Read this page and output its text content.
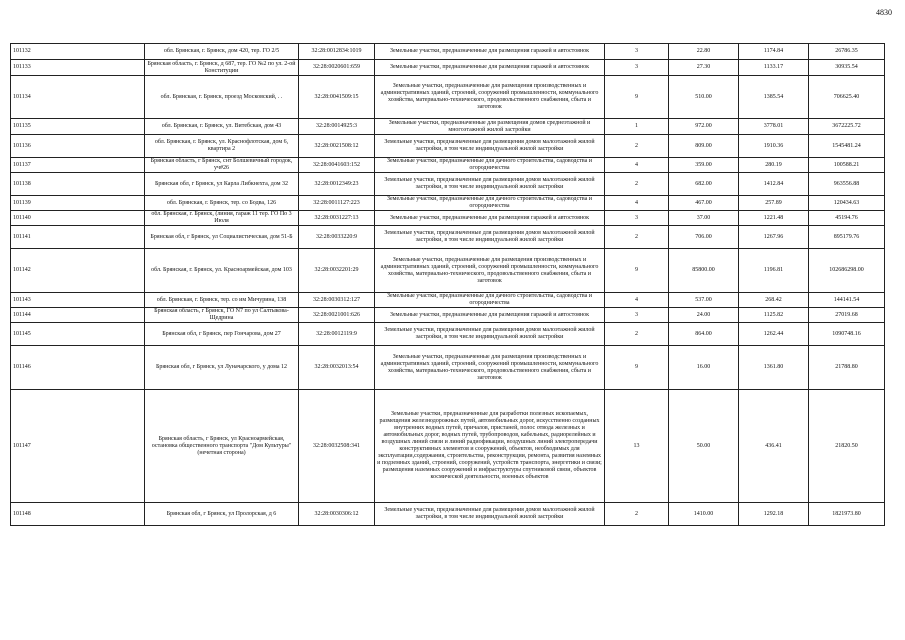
4830
101132	обл. Брянская, г. Брянск, дом 420, тер. ГО 2/5	32:28:0012834:1019	Земельные участки, предназначенные для размещения гаражей и автостоянок	3	22.80	1174.84	26786.35
101133	Брянская область, г. Брянск, д 687, тер. ГО №2 по ул. 2-ой Конституции	32:28:0020601:659	Земельные участки, предназначенные для размещения гаражей и автостоянок	3	27.30	1133.17	30935.54
101134	обл. Брянская, г. Брянск, проезд Московский, . .	32:28:0041509:15	Земельные участки, предназначенные для размещения производственных и административных зданий, строений, сооружений промышленности, коммунального хозяйства, материально-технического, продовольственного снабжения, сбыта и заготовок	9	510.00	1385.54	706625.40
101135	обл. Брянская, г. Брянск, ул. Витебская, дом 43	32:28:0014925:3	Земельные участки, предназначенные для размещения домов среднеэтажной и многоэтажной жилой застройки	1	972.00	3778.01	3672225.72
101136	обл. Брянская, г. Брянск, ул. Краснофлотская, дом 6, квартира 2	32:28:0021508:12	Земельные участки, предназначенные для размещения домов малоэтажной жилой застройки, в том числе индивидуальной жилой застройки	2	809.00	1910.36	1545481.24
101137	Брянская область, г Брянск, снт Болшевичный городок, уч#26	32:28:0041603:152	Земельные участки, предназначенные для дачного строительства, садоводства и огородничества	4	359.00	280.19	100588.21
101138	Брянская обл, г Брянск, ул Карла Либкнехта, дом 32	32:28:0012349:23	Земельные участки, предназначенные для размещения домов малоэтажной жилой застройки, в том числе индивидуальной жилой застройки	2	682.00	1412.84	963556.88
101139	обл. Брянская, г. Брянск, тер. со Бодва, 126	32:28:0011127:223	Земельные участки, предназначенные для дачного строительства, садоводства и огородничества	4	467.00	257.89	120434.63
101140	обл. Брянская, г. Брянск, (линия, гараж 11 тер. ГО По 3 Июля	32:28:0031227:13	Земельные участки, предназначенные для размещения гаражей и автостоянок	3	37.00	1221.48	45194.76
101141	Брянская обл, г Брянск, ул Социалистическая, дом 51-Б	32:28:0033220:9	Земельные участки, предназначенные для размещения домов малоэтажной жилой застройки, в том числе индивидуальной жилой застройки	2	706.00	1267.96	895179.76
101142	обл. Брянская, г. Брянск, ул. Красноармейская, дом 103	32:28:0032201:29	Земельные участки, предназначенные для размещения производственных и административных зданий, строений, сооружений промышленности, коммунального хозяйства, материально-технического, продовольственного снабжения, сбыта и заготовок	9	85800.00	1196.81	102686298.00
101143	обл. Брянская, г. Брянск, тер. со им Мичурина, 138	32:28:0030312:127	Земельные участки, предназначенные для дачного строительства, садоводства и огородничества	4	537.00	268.42	144141.54
101144	Брянская область, г Брянск, ГО N7 по ул Салтыкова-Щедрина	32:28:0021001:626	Земельные участки, предназначенные для размещения гаражей и автостоянок	3	24.00	1125.82	27019.68
101145	Брянская обл, г Брянск, пер Гончарова, дом 27	32:28:0012119:9	Земельные участки, предназначенные для размещения домов малоэтажной жилой застройки, в том числе индивидуальной жилой застройки	2	864.00	1262.44	1090748.16
101146	Брянская обл, г Брянск, ул Луначарского, у дома 12	32:28:0032013:54	Земельные участки, предназначенные для размещения производственных и административных зданий, строений, сооружений промышленности, коммунального хозяйства, материально-технического, продовольственного снабжения, сбыта и заготовок	9	16.00	1361.80	21788.80
101147	Брянская область, г Брянск, ул Красноармейская, остановка общественного транспорта "Дом Культуры" (нечетная сторона)	32:28:0032508:341	Земельные участки, предназначенные для разработки полезных ископаемых, размещения железнодорожных путей, автомобильных дорог, искусственно созданных внутренних водных путей, причалов, пристаней, полос отвода железных и автомобильных дорог, водных путей, трубопроводов, кабельных, радиорелейных и воздушных линий связи и линий радиофикации, воздушных линий электропередачи конструктивных элементов и сооружений, объектов, необходимых для эксплуатации,содержания, строительства, реконструкции, ремонта, развития наземных и подземных зданий, строений, сооружений, устройств транспорта, энергетики и связи; размещения наземных сооружений и инфраструктуры спутниковой связи, объектов космической деятельности, военных объектов	13	50.00	436.41	21820.50
101148	Брянская обл, г Брянск, ул Пролорская, д 6	32:28:0030306:12	Земельные участки, предназначенные для размещения домов малоэтажной жилой застройки, в том числе индивидуальной жилой застройки	2	1410.00	1292.18	1821973.80
